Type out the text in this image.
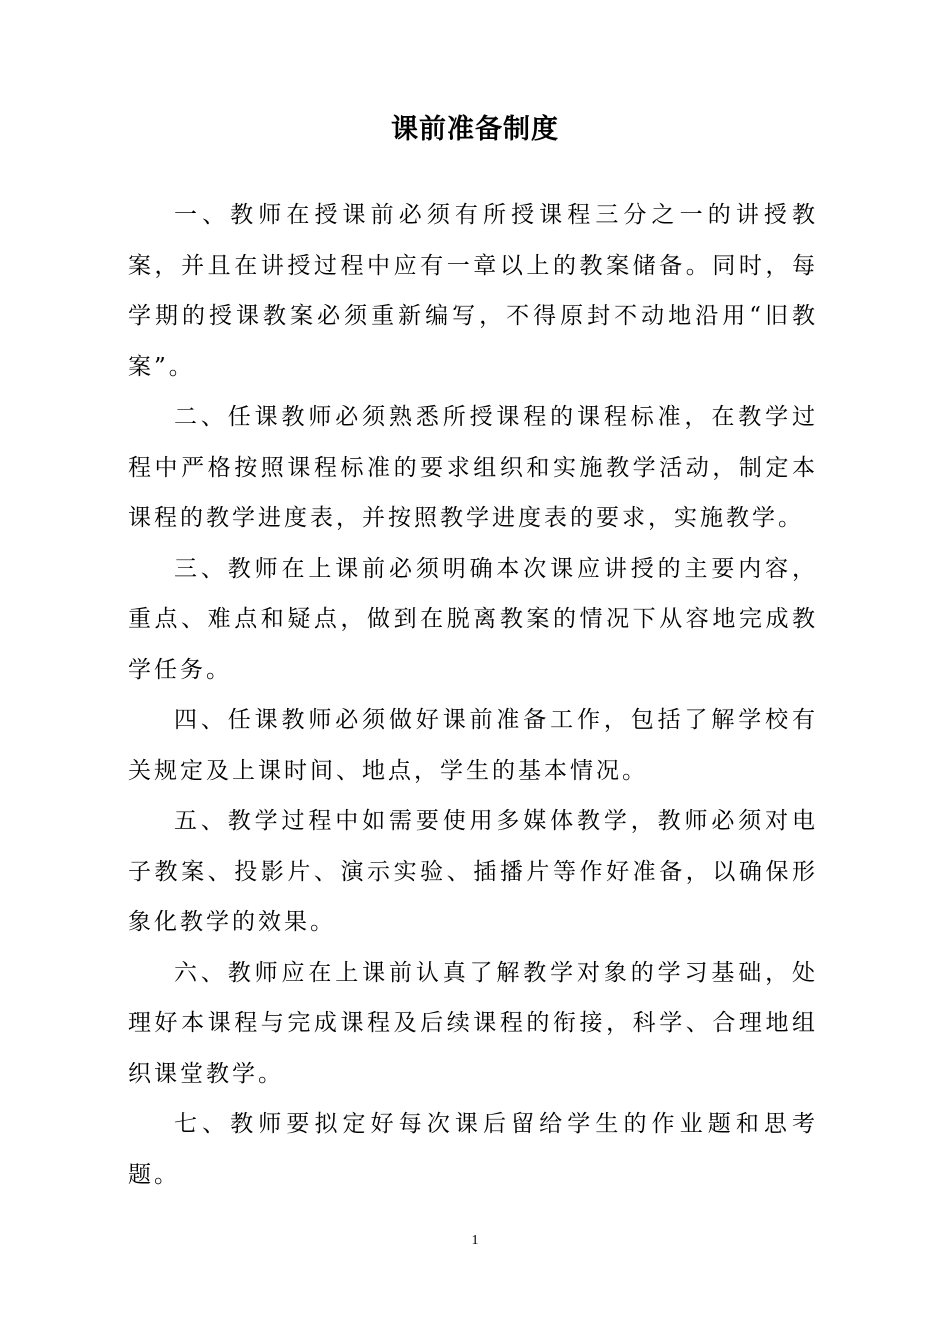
课前准备制度

一、教师在授课前必须有所授课程三分之一的讲授教案，并且在讲授过程中应有一章以上的教案储备。同时，每学期的授课教案必须重新编写，不得原封不动地沿用“旧教案”。

二、任课教师必须熟悉所授课程的课程标准，在教学过程中严格按照课程标准的要求组织和实施教学活动，制定本课程的教学进度表，并按照教学进度表的要求，实施教学。

三、教师在上课前必须明确本次课应讲授的主要内容，重点、难点和疑点，做到在脱离教案的情况下从容地完成教学任务。

四、任课教师必须做好课前准备工作，包括了解学校有关规定及上课时间、地点，学生的基本情况。

五、教学过程中如需要使用多媒体教学，教师必须对电子教案、投影片、演示实验、插播片等作好准备，以确保形象化教学的效果。

六、教师应在上课前认真了解教学对象的学习基础，处理好本课程与完成课程及后续课程的衔接，科学、合理地组织课堂教学。

七、教师要拟定好每次课后留给学生的作业题和思考题。

1
